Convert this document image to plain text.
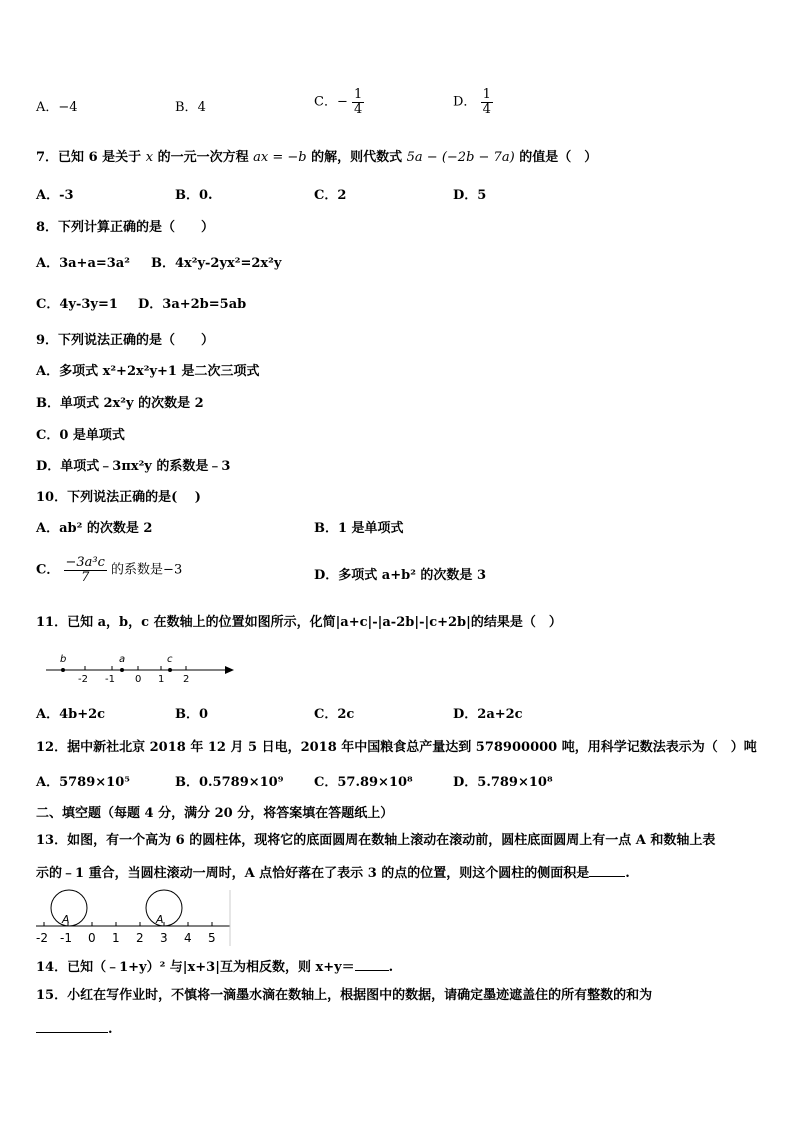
A．−4	B．4	C．− $\frac{1}{4}$	D． $\frac{1}{4}$
7．已知 6 是关于 x 的一元一次方程 ax = −b 的解，则代数式 5a − (−2b − 7a) 的值是（　）
A．-3	B．0.	C．2	D．5
8．下列计算正确的是（　　）
A．3a+a=3a² B．4x²y-2yx²=2x²y
C．4y-3y=1 D．3a+2b=5ab
9．下列说法正确的是（　　）
A．多项式 x²+2x²y+1 是二次三项式
B．单项式 2x²y 的次数是 2
C．0 是单项式
D．单项式﹣3πx²y 的系数是﹣3
10．下列说法正确的是(　 )
A．ab² 的次数是 2	B．1 是单项式
C． $\frac{\text{−3a³c}}{7}$ 的系数是−3	D．多项式 a+b² 的次数是 3
11．已知 a，b，c 在数轴上的位置如图所示，化简|a+c|-|a-2b|-|c+2b|的结果是（　）
b	a	c
-2 -1 0 1 2
A．4b+2c	B．0	C．2c	D．2a+2c
12．据中新社北京 2018 年 12 月 5 日电，2018 年中国粮食总产量达到 578900000 吨，用科学记数法表示为（　）吨
A．5789×10⁵	B．0.5789×10⁹ C．57.89×10⁸	D．5.789×10⁸
二、填空题（每题 4 分，满分 20 分，将答案填在答题纸上）
13．如图，有一个高为 6 的圆柱体，现将它的底面圆周在数轴上滚动在滚动前，圆柱底面圆周上有一点 A 和数轴上表
示的﹣1 重合，当圆柱滚动一周时，A 点恰好落在了表示 3 的点的位置，则这个圆柱的侧面积是	.
A	A
-2 -1 0 1 2 3 4 5
14．已知（﹣1+y）² 与|x+3|互为相反数，则 x+y＝	.
15．小红在写作业时，不慎将一滴墨水滴在数轴上，根据图中的数据，请确定墨迹遮盖住的所有整数的和为
.
